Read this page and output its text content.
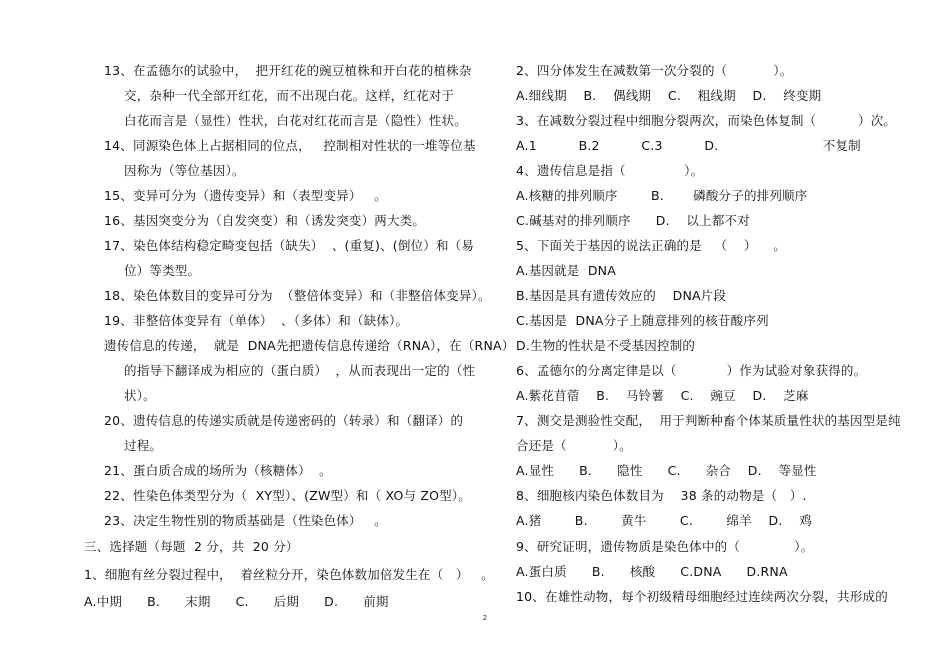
13、在孟德尔的试验中，  把开红花的豌豆植株和开白花的植株杂
交，杂种一代全部开红花，而不出现白花。这样，红花对于
白花而言是（显性）性状，白花对红花而言是（隐性）性状。
14、同源染色体上占据相同的位点，   控制相对性状的一堆等位基
因称为（等位基因）。
15、变异可分为（遗传变异）和（表型变异）   。
16、基因突变分为（自发突变）和（诱发突变）两大类。
17、染色体结构稳定畸变包括（缺失）  、(重复)、(倒位）和（易
位）等类型。
18、染色体数目的变异可分为  （整倍体变异）和（非整倍体变异）。
19、非整倍体变异有（单体）  、（多体）和（缺体）。
遗传信息的传递，  就是  DNA先把遗传信息传递给（RNA），在（RNA）
的指导下翻译成为相应的（蛋白质）  ，从而表现出一定的（性
状）。
20、遗传信息的传递实质就是传递密码的（转录）和（翻译）的
过程。
21、蛋白质合成的场所为（核糖体）  。
22、性染色体类型分为（  XY型）、(ZW型）和（ XO与 ZO型）。
23、决定生物性别的物质基础是（性染色体）   。
三、选择题（每题  2 分，共  20 分）
1、细胞有丝分裂过程中，  着丝粒分开，染色体数加倍发生在（   ）   。
A.中期      B.      末期      C.      后期      D.      前期
2、四分体发生在减数第一次分裂的（           ）。
A.细线期    B.    偶线期    C.    粗线期    D.    终变期
3、在减数分裂过程中细胞分裂两次，而染色体复制（          ）次。
A.1          B.2          C.3          D.                         不复制
4、遗传信息是指（              ）。
A.核糖的排列顺序        B.       磷酸分子的排列顺序
C.碱基对的排列顺序      D.    以上都不对
5、下面关于基因的说法正确的是   （    ）    。
A.基因就是  DNA
B.基因是具有遗传效应的    DNA片段
C.基因是  DNA分子上随意排列的核苷酸序列
D.生物的性状是不受基因控制的
6、孟德尔的分离定律是以（            ）作为试验对象获得的。
A.紫花苜蓿    B.    马铃薯    C.    豌豆    D.    芝麻
7、测交是测验性交配，  用于判断种畜个体某质量性状的基因型是纯
合还是（           ）。
A.显性      B.      隐性      C.      杂合    D.    等显性
8、细胞核内染色体数目为    38 条的动物是（   ）.
A.猪        B.        黄牛        C.        绵羊    D.    鸡
9、研究证明，遗传物质是染色体中的（             ）。
A.蛋白质      B.      核酸      C.DNA      D.RNA
10、在雄性动物，每个初级精母细胞经过连续两次分裂，共形成的
2
